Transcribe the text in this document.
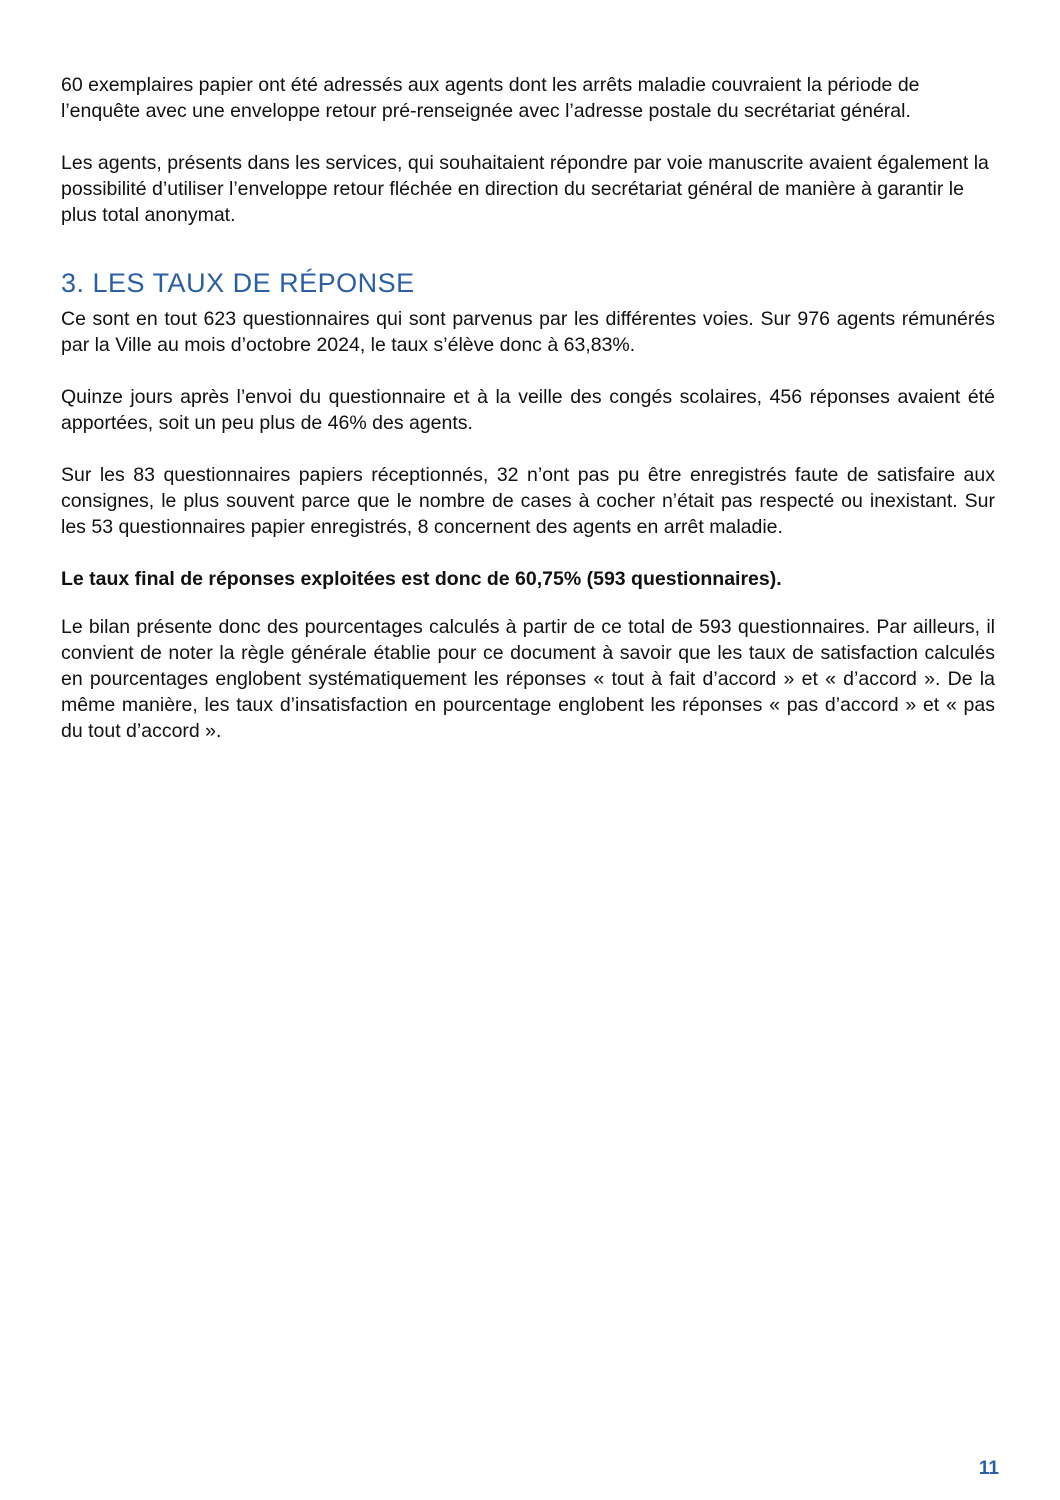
60 exemplaires papier ont été adressés aux agents dont les arrêts maladie couvraient la période de l’enquête avec une enveloppe retour pré-renseignée avec l’adresse postale du secrétariat général.

Les agents, présents dans les services, qui souhaitaient répondre par voie manuscrite avaient également la possibilité d’utiliser l’enveloppe retour fléchée en direction du secrétariat général de manière à garantir le plus total anonymat.

3. LES TAUX DE RÉPONSE

Ce sont en tout 623 questionnaires qui sont parvenus par les différentes voies. Sur 976 agents rémunérés par la Ville au mois d’octobre 2024, le taux s’élève donc à 63,83%.

Quinze jours après l’envoi du questionnaire et à la veille des congés scolaires, 456 réponses avaient été apportées, soit un peu plus de 46% des agents.

Sur les 83 questionnaires papiers réceptionnés, 32 n’ont pas pu être enregistrés faute de satisfaire aux consignes, le plus souvent parce que le nombre de cases à cocher n’était pas respecté ou inexistant. Sur les 53 questionnaires papier enregistrés, 8 concernent des agents en arrêt maladie.

Le taux final de réponses exploitées est donc de 60,75% (593 questionnaires).

Le bilan présente donc des pourcentages calculés à partir de ce total de 593 questionnaires. Par ailleurs, il convient de noter la règle générale établie pour ce document à savoir que les taux de satisfaction calculés en pourcentages englobent systématiquement les réponses « tout à fait d’accord » et « d’accord ». De la même manière, les taux d’insatisfaction en pourcentage englobent les réponses « pas d’accord » et « pas du tout d’accord ».

11
